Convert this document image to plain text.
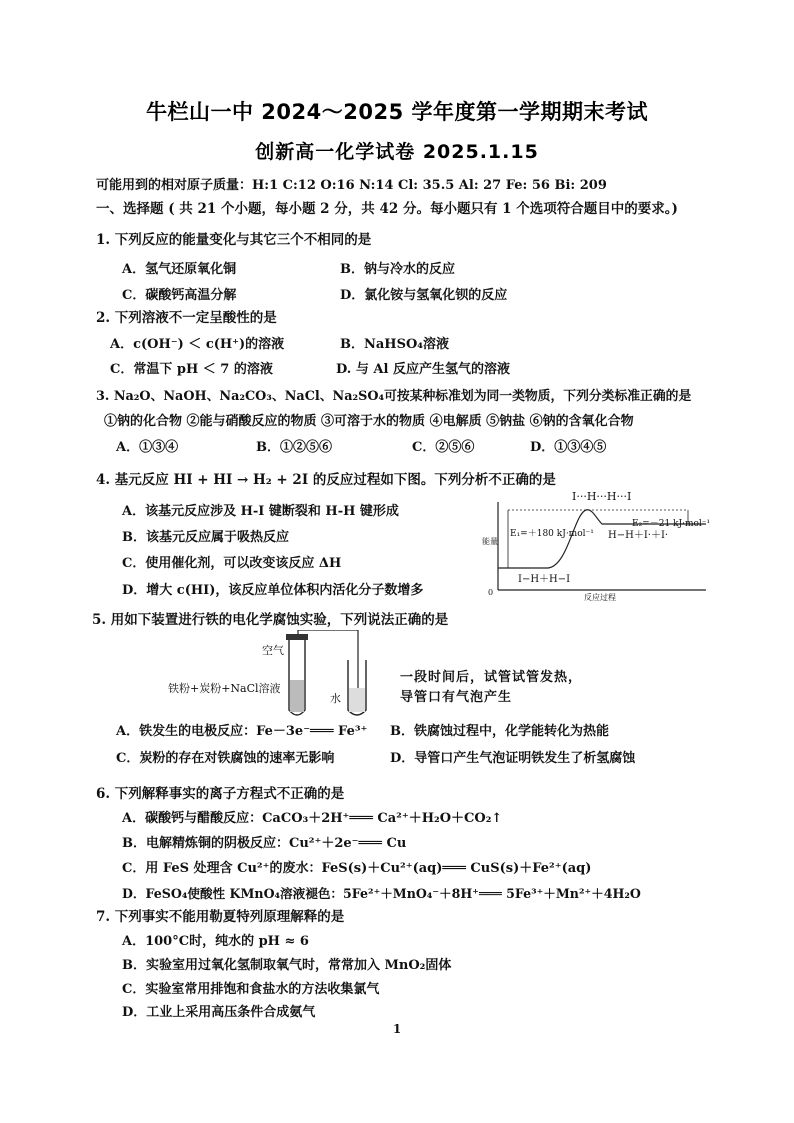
牛栏山一中 2024～2025 学年度第一学期期末考试
创新高一化学试卷 2025.1.15
可能用到的相对原子质量：H:1 C:12 O:16 N:14 Cl: 35.5 Al: 27 Fe: 56 Bi: 209
一、选择题 ( 共 21 个小题，每小题 2 分，共 42 分。每小题只有 1 个选项符合题目中的要求。)
1. 下列反应的能量变化与其它三个不相同的是
A．氢气还原氧化铜	B．钠与冷水的反应
C．碳酸钙高温分解	D．氯化铵与氢氧化钡的反应
2. 下列溶液不一定呈酸性的是
A．c(OH⁻) ＜ c(H⁺)的溶液	B．NaHSO₄溶液
C．常温下 pH ＜ 7 的溶液	D. 与 Al 反应产生氢气的溶液
3. Na₂O、NaOH、Na₂CO₃、NaCl、Na₂SO₄可按某种标准划为同一类物质，下列分类标准正确的是
①钠的化合物 ②能与硝酸反应的物质 ③可溶于水的物质 ④电解质 ⑤钠盐 ⑥钠的含氧化合物
A．①③④	B．①②⑤⑥	C．②⑤⑥	D．①③④⑤
4. 基元反应 HI + HI → H₂ + 2I 的反应过程如下图。下列分析不正确的是
A．该基元反应涉及 H-I 键断裂和 H-H 键形成
B．该基元反应属于吸热反应
C．使用催化剂，可以改变该反应 ΔH
D．增大 c(HI)，该反应单位体积内活化分子数增多
I···H···H···I
E₁=＋180 kJ·mol⁻¹
E₂=－21 kJ·mol⁻¹
H−H＋I·＋I·
I−H＋H−I
能量
反应过程
0
5. 用如下装置进行铁的电化学腐蚀实验，下列说法正确的是
空气
铁粉+炭粉+NaCl溶液
水
一段时间后，试管试管发热，
导管口有气泡产生
A．铁发生的电极反应：Fe－3e⁻═══ Fe³⁺ B．铁腐蚀过程中，化学能转化为热能
C．炭粉的存在对铁腐蚀的速率无影响	D．导管口产生气泡证明铁发生了析氢腐蚀
6. 下列解释事实的离子方程式不正确的是
A．碳酸钙与醋酸反应：CaCO₃＋2H⁺═══ Ca²⁺＋H₂O＋CO₂↑
B．电解精炼铜的阴极反应：Cu²⁺＋2e⁻═══ Cu
C．用 FeS 处理含 Cu²⁺的废水：FeS(s)＋Cu²⁺(aq)═══ CuS(s)＋Fe²⁺(aq)
D．FeSO₄使酸性 KMnO₄溶液褪色：5Fe²⁺＋MnO₄⁻＋8H⁺═══ 5Fe³⁺＋Mn²⁺＋4H₂O
7. 下列事实不能用勒夏特列原理解释的是
A．100°C时，纯水的 pH ≈ 6
B．实验室用过氧化氢制取氧气时，常常加入 MnO₂固体
C．实验室常用排饱和食盐水的方法收集氯气
D．工业上采用高压条件合成氨气
1
